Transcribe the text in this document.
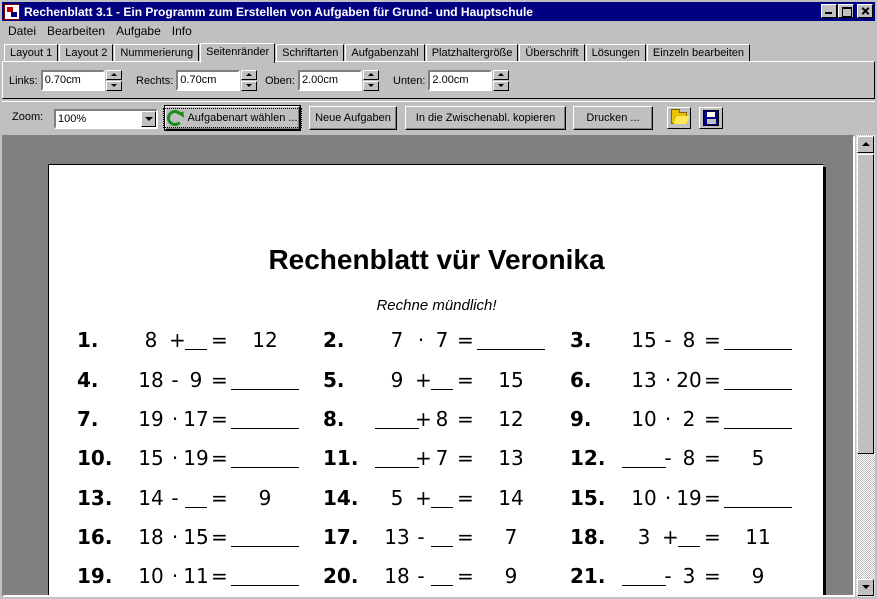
Rechenblatt 3.1 - Ein Programm zum Erstellen von Aufgaben für Grund- und Hauptschule
Datei Bearbeiten Aufgabe Info
Layout 1	Layout 2	Nummerierung	Seitenränder	Schriftarten	Aufgabenzahl	Platzhaltergröße	Überschrift	Lösungen	Einzeln bearbeiten
Links: 0.70cm	Rechts: 0.70cm	Oben: 2.00cm	Unten: 2.00cm
Zoom:	100%	Aufgabenart wählen ...	Neue Aufgaben	In die Zwischenabl. kopieren	Drucken ...
Rechenblatt vür Veronika
Rechne mündlich!
1.	8 + =	12	2.	7 · 7 =	3.	15 - 8 =
4.	18 - 9 =	5.	9 + =	15	6.	13 · 20 =
7.	19 · 17 =	8.	+ 8 =	12	9.	10 · 2 =
10.	15 · 19 =	11.	+ 7 =	13	12.	- 8 =	5
13.	14 - =	9	14.	5 + =	14	15.	10 · 19 =
16.	18 · 15 =	17.	13 - =	7	18.	3 + =	11
19.	10 · 11 =	20.	18 - =	9	21.	- 3 =	9
